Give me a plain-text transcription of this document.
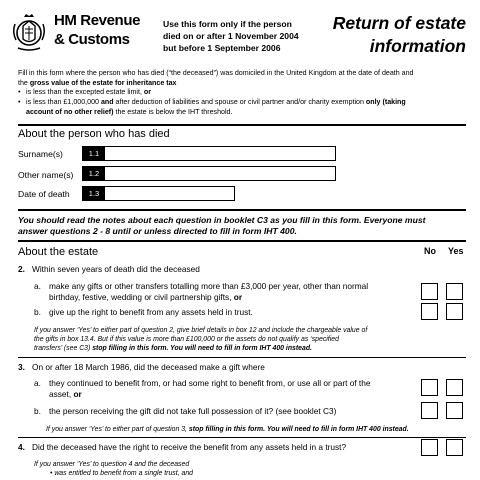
HM Revenue
& Customs
Use this form only if the person
died on or after 1 November 2004
but before 1 September 2006
Return of estate
information
Fill in this form where the person who has died (“the deceased”) was domiciled in the United Kingdom at the date of death and
the gross value of the estate for inheritance tax
• is less than the excepted estate limit, or
• is less than £1,000,000 and after deduction of liabilities and spouse or civil partner and/or charity exemption only (taking
account of no other relief) the estate is below the IHT threshold.
About the person who has died
Surname(s)	1.1
Other name(s)	1.2
Date of death	1.3
You should read the notes about each question in booklet C3 as you fill in this form. Everyone must
answer questions 2 - 8 until or unless directed to fill in form IHT 400.
About the estate	No Yes
2. Within seven years of death did the deceased
a. make any gifts or other transfers totalling more than £3,000 per year, other than normal
birthday, festive, wedding or civil partnership gifts, or
b. give up the right to benefit from any assets held in trust.
If you answer ‘Yes’ to either part of question 2, give brief details in box 12 and include the chargeable value of
the gifts in box 13.4. But if this value is more than £100,000 or the assets do not qualify as ‘specified
transfers’ (see C3) stop filling in this form. You will need to fill in form IHT 400 instead.
3. On or after 18 March 1986, did the deceased make a gift where
a. they continued to benefit from, or had some right to benefit from, or use all or part of the
asset, or
b. the person receiving the gift did not take full possession of it? (see booklet C3)
If you answer ‘Yes’ to either part of question 3, stop filling in this form. You will need to fill in form IHT 400 instead.
4. Did the deceased have the right to receive the benefit from any assets held in a trust?
If you answer ‘Yes’ to question 4 and the deceased
• was entitled to benefit from a single trust, and
